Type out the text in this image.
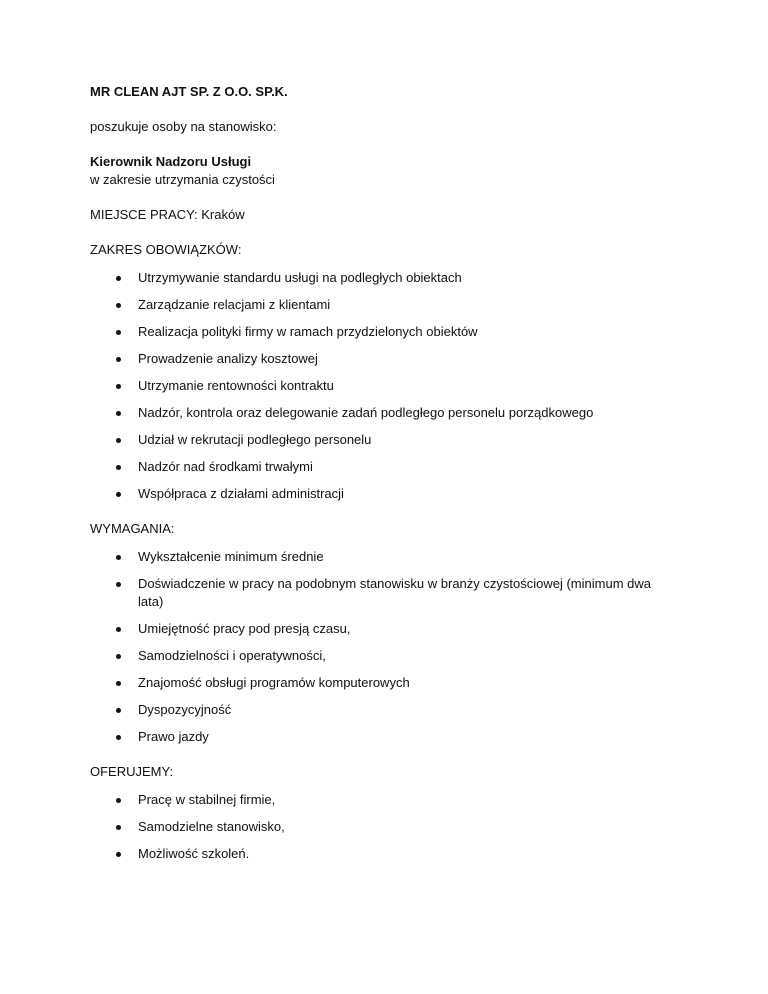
MR CLEAN AJT SP. Z O.O. SP.K.
poszukuje osoby na stanowisko:
Kierownik Nadzoru Usługi
w zakresie utrzymania czystości
MIEJSCE PRACY: Kraków
ZAKRES OBOWIĄZKÓW:
Utrzymywanie standardu usługi na podległych obiektach
Zarządzanie relacjami z klientami
Realizacja polityki firmy w ramach przydzielonych obiektów
Prowadzenie analizy kosztowej
Utrzymanie rentowności kontraktu
Nadzór, kontrola oraz delegowanie zadań podległego personelu porządkowego
Udział w rekrutacji podległego personelu
Nadzór nad środkami trwałymi
Współpraca z działami administracji
WYMAGANIA:
Wykształcenie minimum średnie
Doświadczenie w pracy na podobnym stanowisku w branży czystościowej (minimum dwa lata)
Umiejętność pracy pod presją czasu,
Samodzielności i operatywności,
Znajomość obsługi programów komputerowych
Dyspozycyjność
Prawo jazdy
OFERUJEMY:
Pracę w stabilnej firmie,
Samodzielne stanowisko,
Możliwość szkoleń.
